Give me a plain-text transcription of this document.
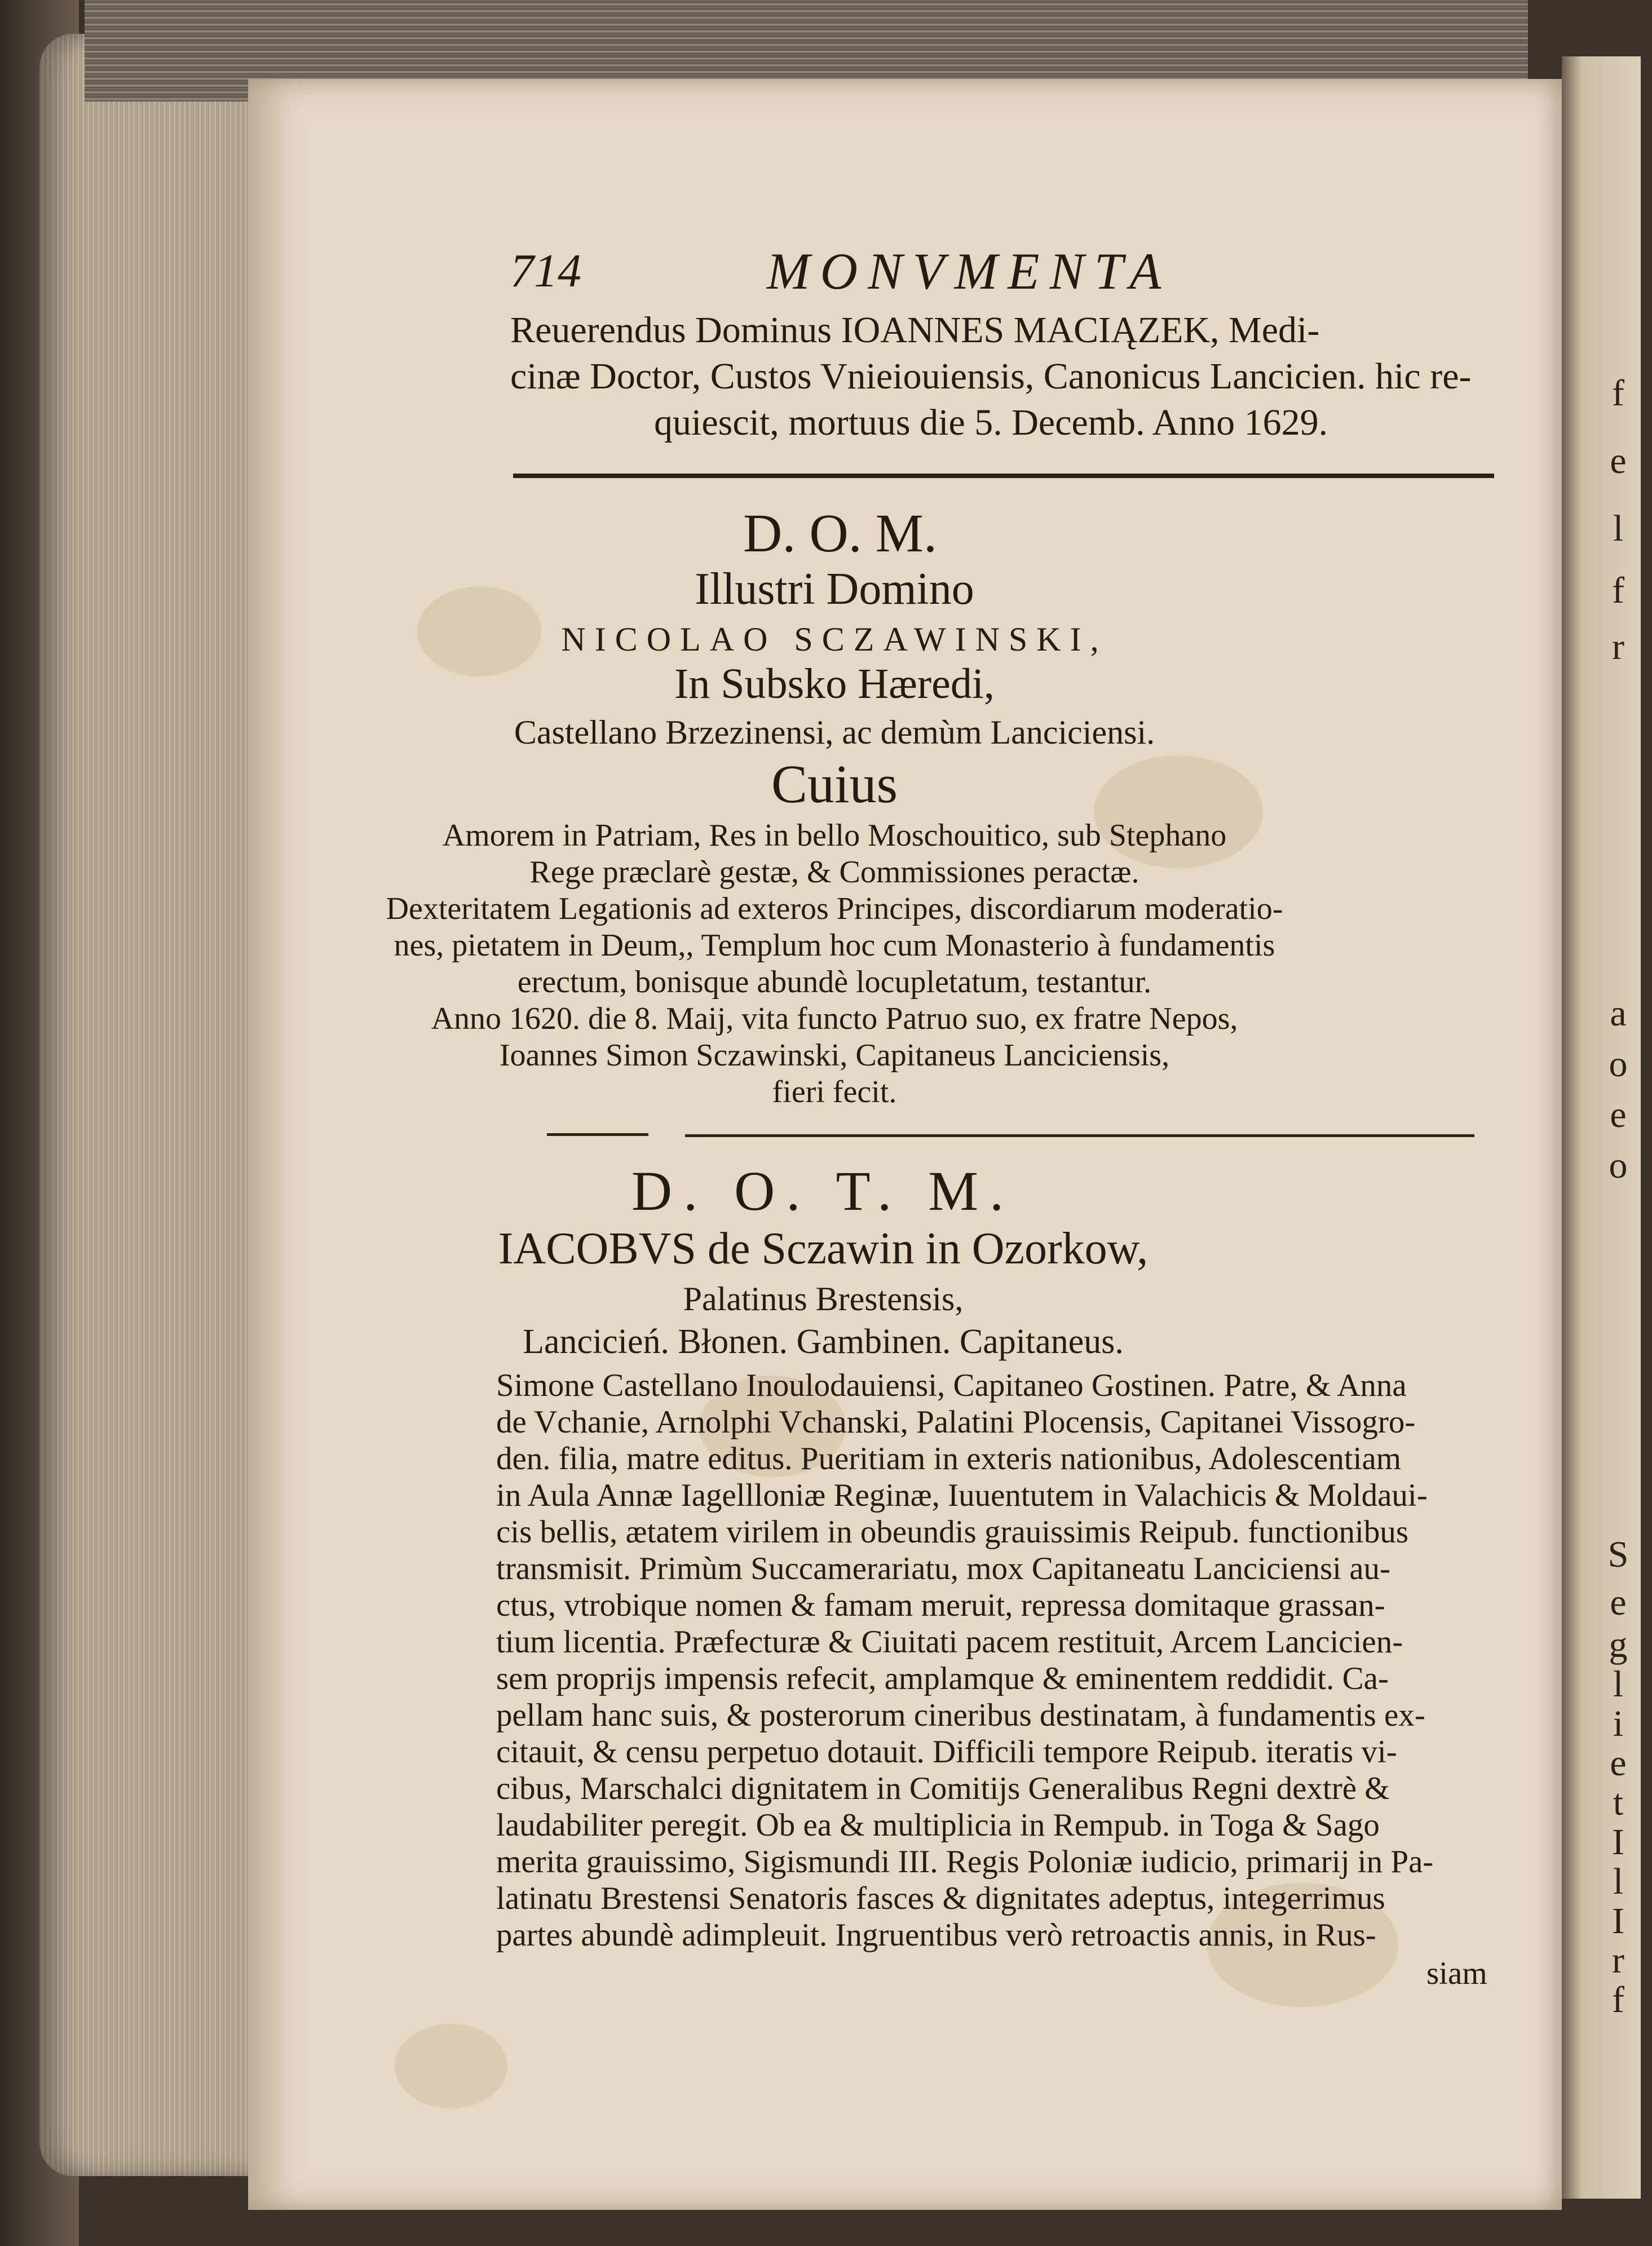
714	MONVMENTA
Reuerendus Dominus IOANNES MACIĄZEK, Medi-
cinæ Doctor, Custos Vnieiouiensis, Canonicus Lancicien. hic re-
quiescit, mortuus die 5. Decemb. Anno 1629.
D. O. M.
Illustri Domino
NICOLAO SCZAWINSKI,
In Subsko Hæredi,
Castellano Brzezinensi, ac demùm Lanciciensi.
Cuius
Amorem in Patriam, Res in bello Moschouitico, sub Stephano
Rege præclarè gestæ, & Commissiones peractæ.
Dexteritatem Legationis ad exteros Principes, discordiarum moderatio-
nes, pietatem in Deum,, Templum hoc cum Monasterio à fundamentis
erectum, bonisque abundè locupletatum, testantur.
Anno 1620. die 8. Maij, vita functo Patruo suo, ex fratre Nepos,
Ioannes Simon Sczawinski, Capitaneus Lanciciensis,
fieri fecit.
D. O. T. M.
IACOBVS de Sczawin in Ozorkow,
Palatinus Brestensis,
Lancicień. Błonen. Gambinen. Capitaneus.
Simone Castellano Inoulodauiensi, Capitaneo Gostinen. Patre, & Anna
de Vchanie, Arnolphi Vchanski, Palatini Plocensis, Capitanei Vissogro-
den. filia, matre editus. Pueritiam in exteris nationibus, Adolescentiam
in Aula Annæ Iagellloniæ Reginæ, Iuuentutem in Valachicis & Moldaui-
cis bellis, ætatem virilem in obeundis grauissimis Reipub. functionibus
transmisit. Primùm Succamerariatu, mox Capitaneatu Lanciciensi au-
ctus, vtrobique nomen & famam meruit, repressa domitaque grassan-
tium licentia. Præfecturæ & Ciuitati pacem restituit, Arcem Lancicien-
sem proprijs impensis refecit, amplamque & eminentem reddidit. Ca-
pellam hanc suis, & posterorum cineribus destinatam, à fundamentis ex-
citauit, & censu perpetuo dotauit. Difficili tempore Reipub. iteratis vi-
cibus, Marschalci dignitatem in Comitijs Generalibus Regni dextrè &
laudabiliter peregit. Ob ea & multiplicia in Rempub. in Toga & Sago
merita grauissimo, Sigismundi III. Regis Poloniæ iudicio, primarij in Pa-
latinatu Brestensi Senatoris fasces & dignitates adeptus, integerrimus
partes abundè adimpleuit. Ingruentibus verò retroactis annis, in Rus-
siam
f
e
l
f
r
a
o
e
o
S
e
g
l
i
e
t
I
l
I
r
f
